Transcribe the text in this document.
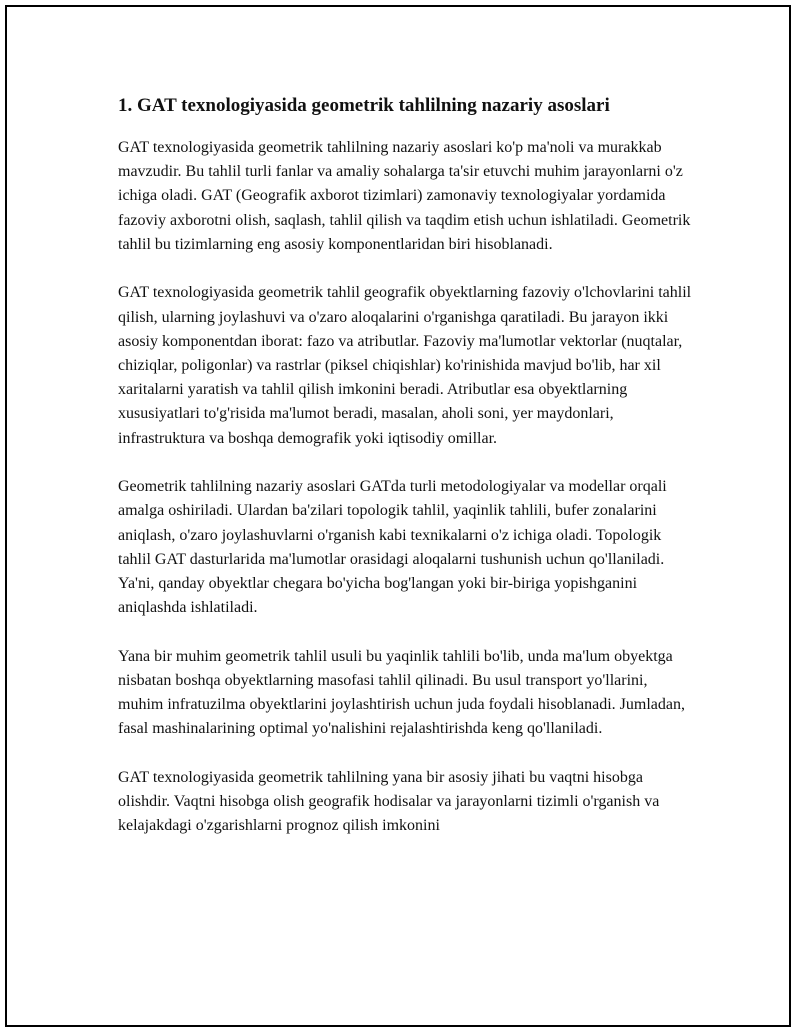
1. GAT texnologiyasida geometrik tahlilning nazariy asoslari

GAT texnologiyasida geometrik tahlilning nazariy asoslari ko'p ma'noli va murakkab mavzudir. Bu tahlil turli fanlar va amaliy sohalarga ta'sir etuvchi muhim jarayonlarni o'z ichiga oladi. GAT (Geografik axborot tizimlari) zamonaviy texnologiyalar yordamida fazoviy axborotni olish, saqlash, tahlil qilish va taqdim etish uchun ishlatiladi. Geometrik tahlil bu tizimlarning eng asosiy komponentlaridan biri hisoblanadi.

GAT texnologiyasida geometrik tahlil geografik obyektlarning fazoviy o'lchovlarini tahlil qilish, ularning joylashuvi va o'zaro aloqalarini o'rganishga qaratiladi. Bu jarayon ikki asosiy komponentdan iborat: fazo va atributlar. Fazoviy ma'lumotlar vektorlar (nuqtalar, chiziqlar, poligonlar) va rastrlar (piksel chiqishlar) ko'rinishida mavjud bo'lib, har xil xaritalarni yaratish va tahlil qilish imkonini beradi. Atributlar esa obyektlarning xususiyatlari to'g'risida ma'lumot beradi, masalan, aholi soni, yer maydonlari, infrastruktura va boshqa demografik yoki iqtisodiy omillar.

Geometrik tahlilning nazariy asoslari GATda turli metodologiyalar va modellar orqali amalga oshiriladi. Ulardan ba'zilari topologik tahlil, yaqinlik tahlili, bufer zonalarini aniqlash, o'zaro joylashuvlarni o'rganish kabi texnikalarni o'z ichiga oladi. Topologik tahlil GAT dasturlarida ma'lumotlar orasidagi aloqalarni tushunish uchun qo'llaniladi. Ya'ni, qanday obyektlar chegara bo'yicha bog'langan yoki bir-biriga yopishganini aniqlashda ishlatiladi.

Yana bir muhim geometrik tahlil usuli bu yaqinlik tahlili bo'lib, unda ma'lum obyektga nisbatan boshqa obyektlarning masofasi tahlil qilinadi. Bu usul transport yo'llarini, muhim infratuzilma obyektlarini joylashtirish uchun juda foydali hisoblanadi. Jumladan, fasal mashinalarining optimal yo'nalishini rejalashtirishda keng qo'llaniladi.

GAT texnologiyasida geometrik tahlilning yana bir asosiy jihati bu vaqtni hisobga olishdir. Vaqtni hisobga olish geografik hodisalar va jarayonlarni tizimli o'rganish va kelajakdagi o'zgarishlarni prognoz qilish imkonini
